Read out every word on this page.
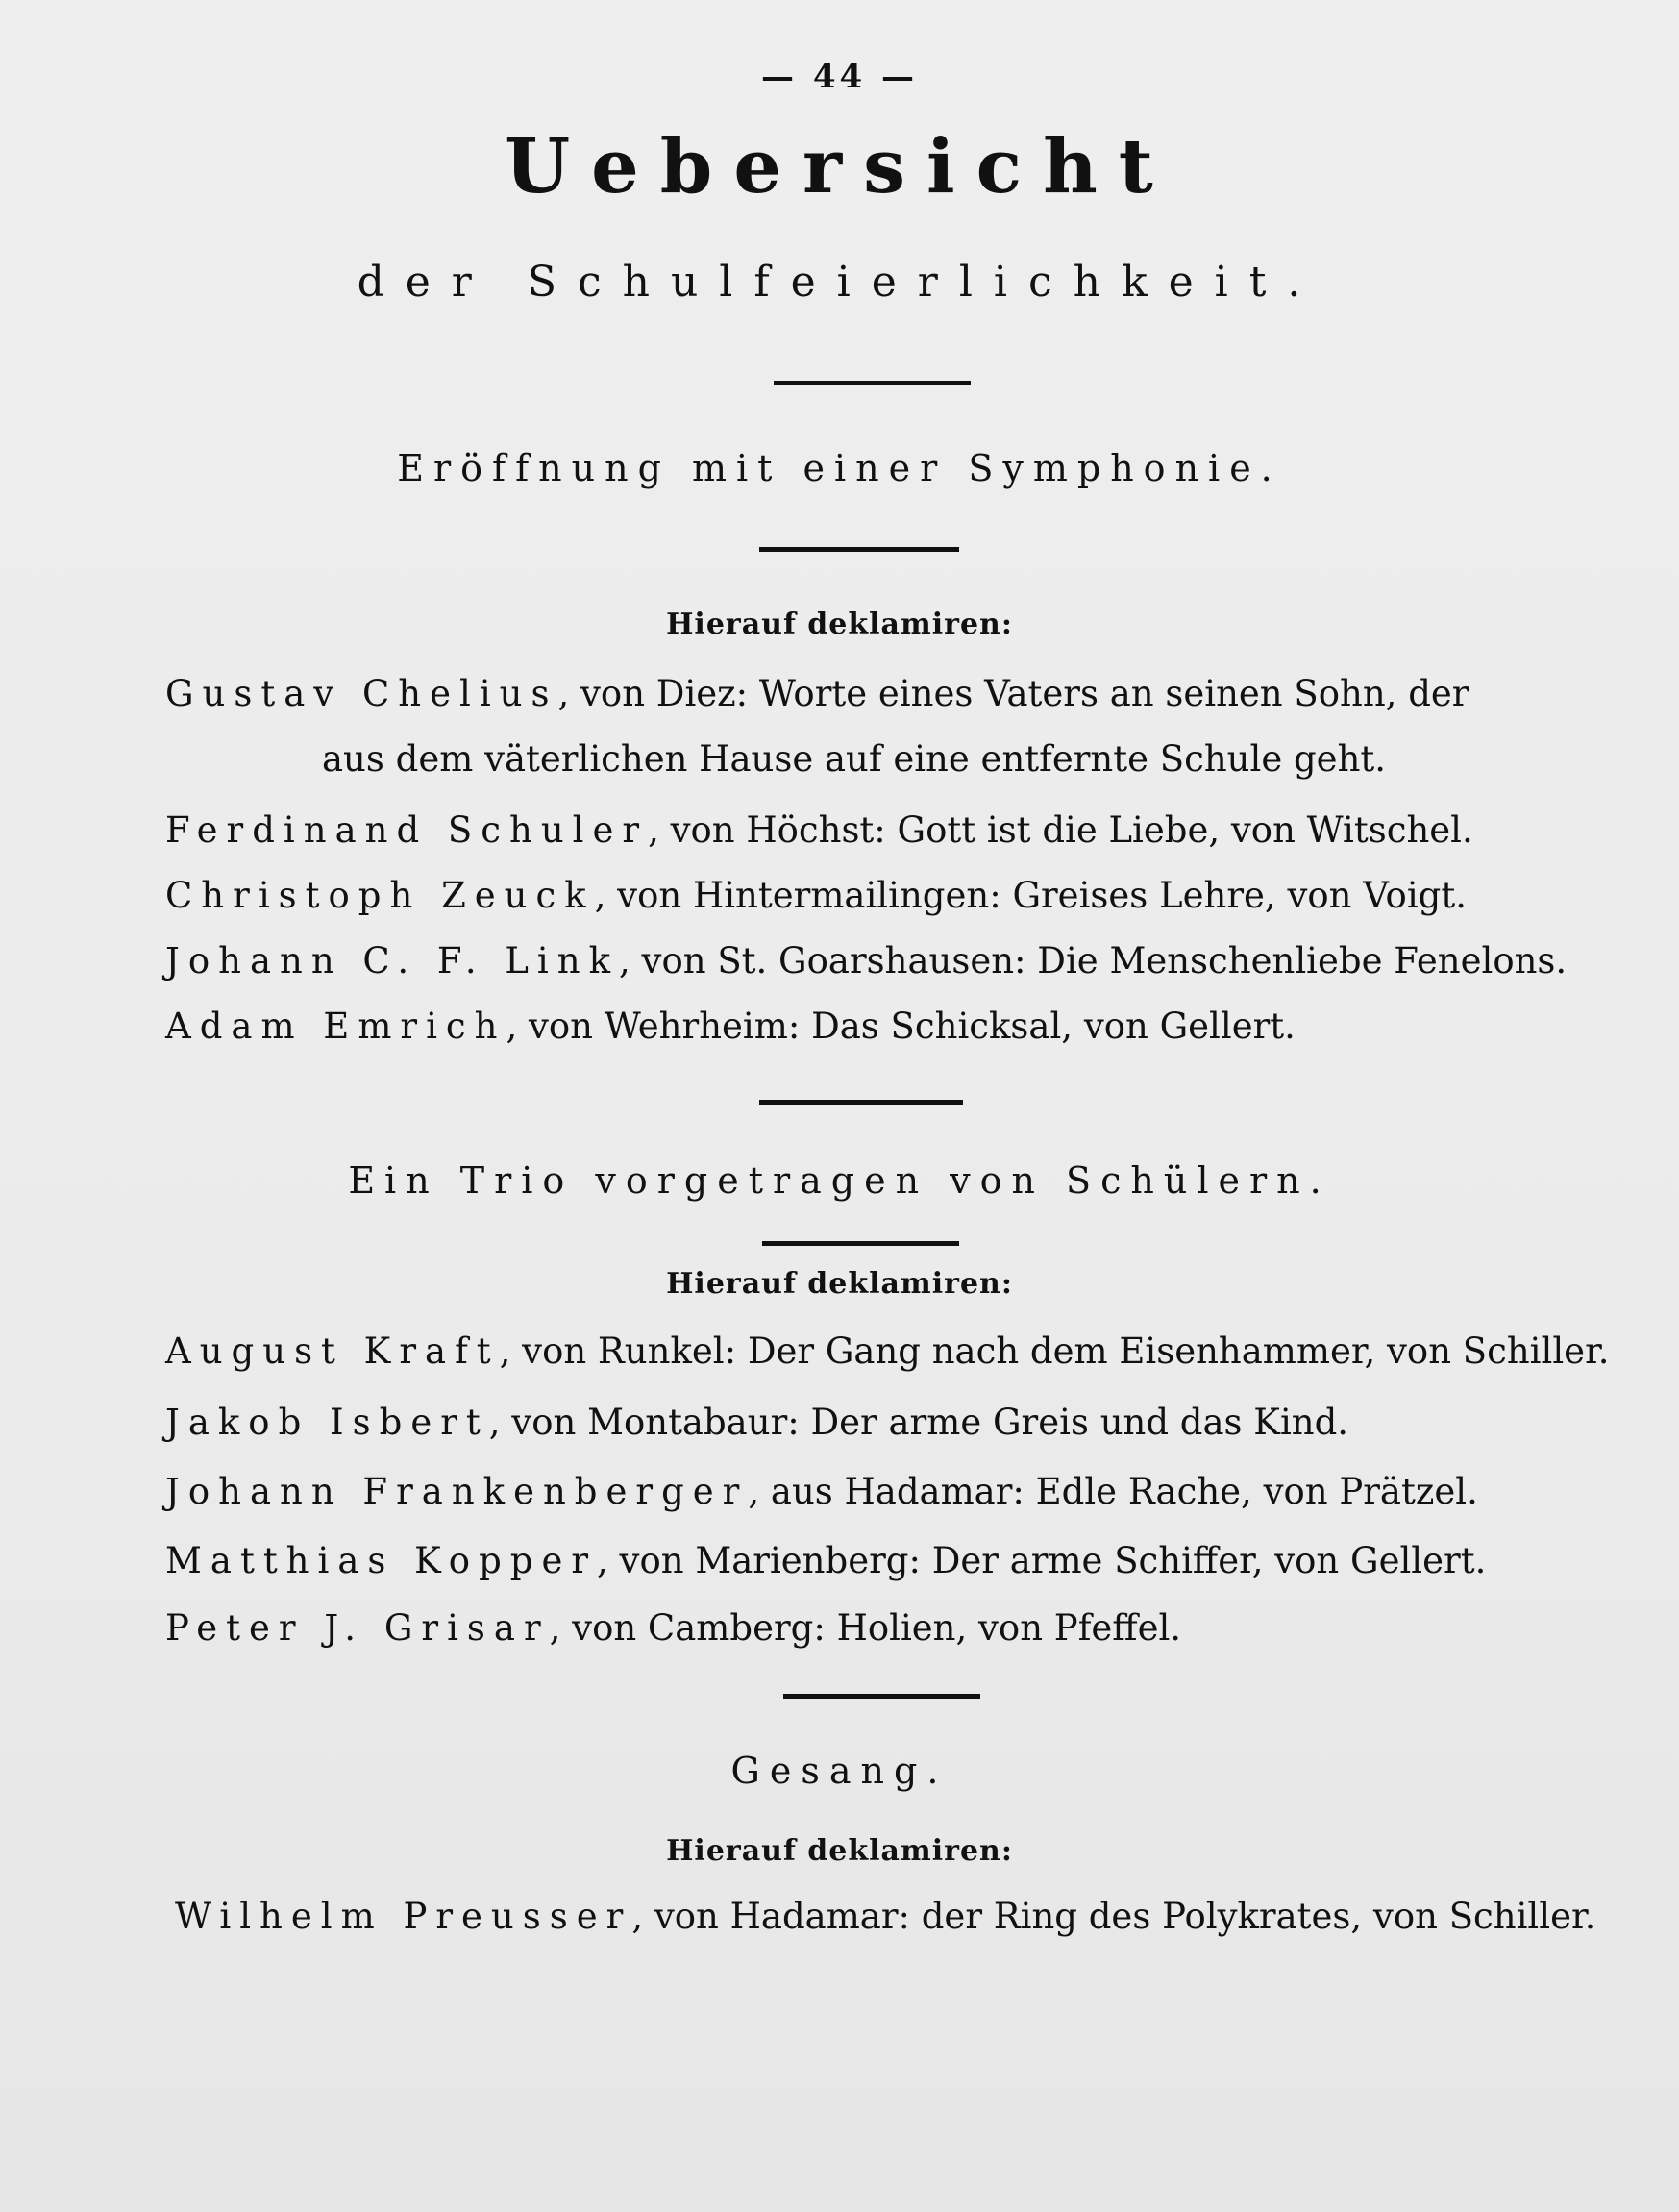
— 44 —
Uebersicht
der Schulfeierlichkeit.
Eröffnung mit einer Symphonie.
Hierauf deklamiren:
Gustav Chelius, von Diez: Worte eines Vaters an seinen Sohn, der
aus dem väterlichen Hause auf eine entfernte Schule geht.
Ferdinand Schuler, von Höchst: Gott ist die Liebe, von Witschel.
Christoph Zeuck, von Hintermailingen: Greises Lehre, von Voigt.
Johann C. F. Link, von St. Goarshausen: Die Menschenliebe Fenelons.
Adam Emrich, von Wehrheim: Das Schicksal, von Gellert.
Ein Trio vorgetragen von Schülern.
Hierauf deklamiren:
August Kraft, von Runkel: Der Gang nach dem Eisenhammer, von Schiller.
Jakob Isbert, von Montabaur: Der arme Greis und das Kind.
Johann Frankenberger, aus Hadamar: Edle Rache, von Prätzel.
Matthias Kopper, von Marienberg: Der arme Schiffer, von Gellert.
Peter J. Grisar, von Camberg: Holien, von Pfeffel.
Gesang.
Hierauf deklamiren:
Wilhelm Preusser, von Hadamar: der Ring des Polykrates, von Schiller.
